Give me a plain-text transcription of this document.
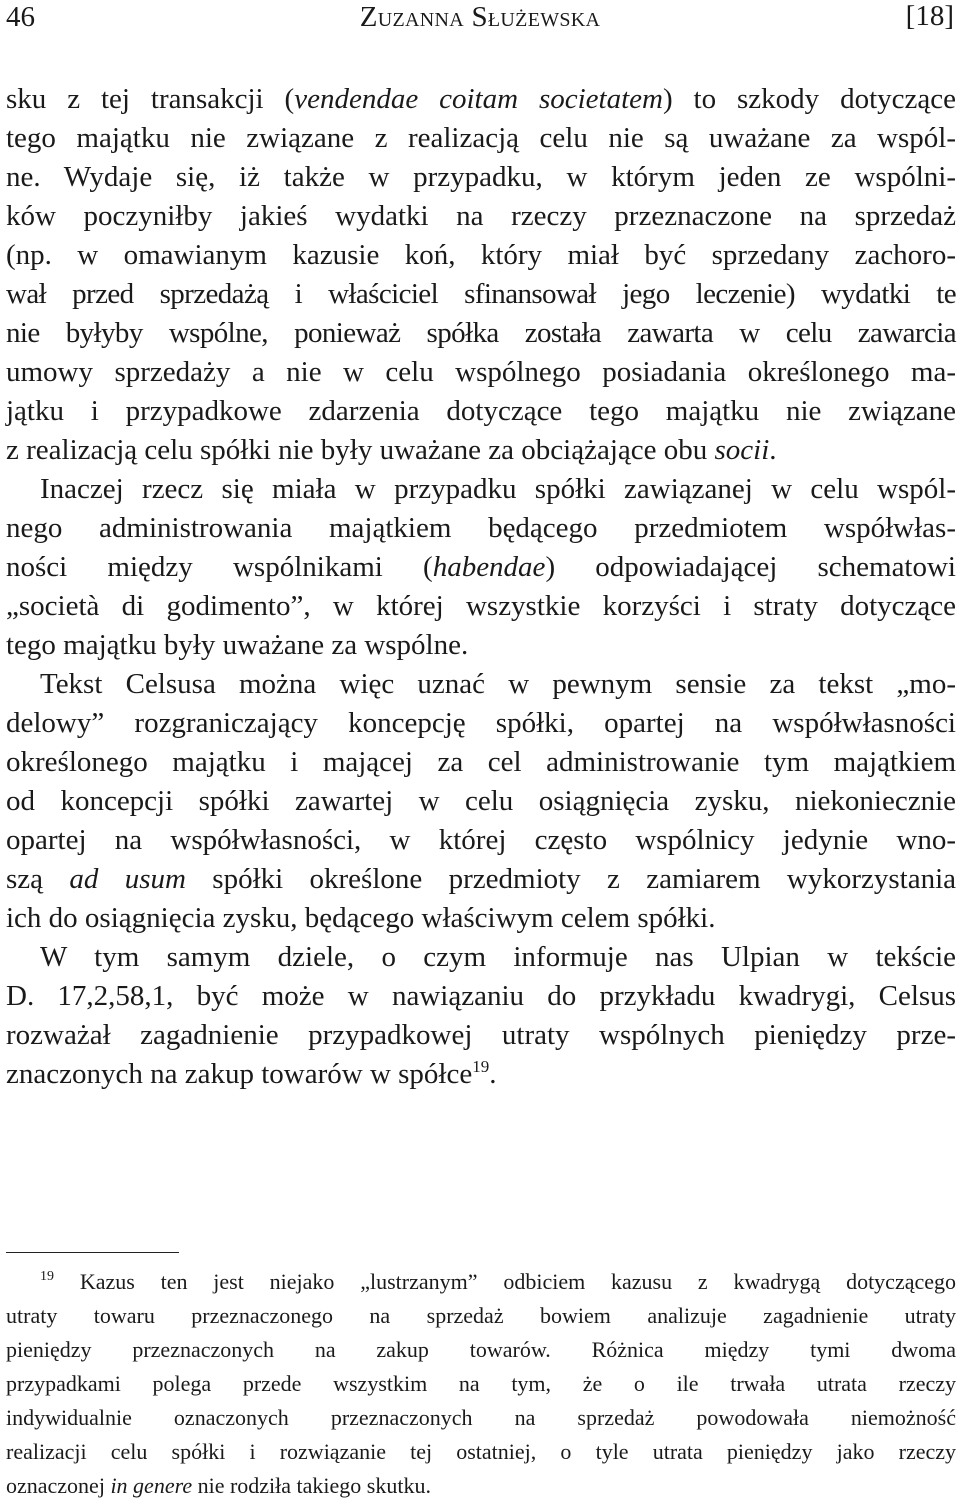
46	Zuzanna Służewska	[18]
sku z tej transakcji (vendendae coitam societatem) to szkody dotyczące
tego majątku nie związane z realizacją celu nie są uważane za wspól-
ne. Wydaje się, iż także w przypadku, w którym jeden ze wspólni-
ków poczyniłby jakieś wydatki na rzeczy przeznaczone na sprzedaż
(np. w omawianym kazusie koń, który miał być sprzedany zachoro-
wał przed sprzedażą i właściciel sfinansował jego leczenie) wydatki te
nie byłyby wspólne, ponieważ spółka została zawarta w celu zawarcia
umowy sprzedaży a nie w celu wspólnego posiadania określonego ma-
jątku i przypadkowe zdarzenia dotyczące tego majątku nie związane
z realizacją celu spółki nie były uważane za obciążające obu socii.
Inaczej rzecz się miała w przypadku spółki zawiązanej w celu wspól-
nego administrowania majątkiem będącego przedmiotem współwłas-
ności między wspólnikami (habendae) odpowiadającej schematowi
„società di godimento”, w której wszystkie korzyści i straty dotyczące
tego majątku były uważane za wspólne.
Tekst Celsusa można więc uznać w pewnym sensie za tekst „mo-
delowy” rozgraniczający koncepcję spółki, opartej na współwłasności
określonego majątku i mającej za cel administrowanie tym majątkiem
od koncepcji spółki zawartej w celu osiągnięcia zysku, niekoniecznie
opartej na współwłasności, w której często wspólnicy jedynie wno-
szą ad usum spółki określone przedmioty z zamiarem wykorzystania
ich do osiągnięcia zysku, będącego właściwym celem spółki.
W tym samym dziele, o czym informuje nas Ulpian w tekście
D. 17,2,58,1, być może w nawiązaniu do przykładu kwadrygi, Celsus
rozważał zagadnienie przypadkowej utraty wspólnych pieniędzy prze-
znaczonych na zakup towarów w spółce$^{19}$.
$^{19}$ Kazus ten jest niejako „lustrzanym” odbiciem kazusu z kwadrygą dotyczącego
utraty towaru przeznaczonego na sprzedaż bowiem analizuje zagadnienie utraty
pieniędzy przeznaczonych na zakup towarów. Różnica między tymi dwoma
przypadkami polega przede wszystkim na tym, że o ile trwała utrata rzeczy
indywidualnie oznaczonych przeznaczonych na sprzedaż powodowała niemożność
realizacji celu spółki i rozwiązanie tej ostatniej, o tyle utrata pieniędzy jako rzeczy
oznaczonej in genere nie rodziła takiego skutku.
